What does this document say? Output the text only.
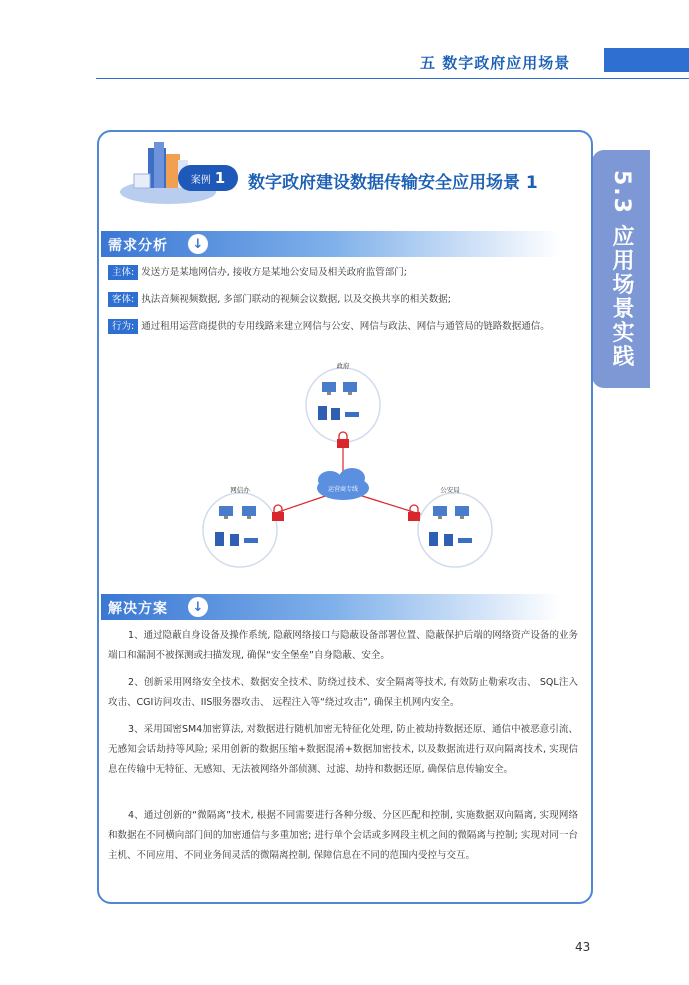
五 数字政府应用场景
5.3 应用场景实践
案例 1 数字政府建设数据传输安全应用场景 1
需求分析	↓
主体: 发送方是某地网信办, 接收方是某地公安局及相关政府监管部门;
客体: 执法音频视频数据, 多部门联动的视频会议数据, 以及交换共享的相关数据;
行为: 通过租用运营商提供的专用线路来建立网信与公安、网信与政法、网信与通管局的链路数据通信。
政府
网信办	公安局
运营商专线
解决方案	↓
1、通过隐蔽自身设备及操作系统, 隐蔽网络接口与隐蔽设备部署位置、隐蔽保护后端的网络资产设备的业务端口和漏洞不被探测或扫描发现, 确保“安全堡垒”自身隐蔽、安全。
2、创新采用网络安全技术、数据安全技术、防绕过技术、安全隔离等技术, 有效防止勒索攻击、 SQL注入攻击、CGI访问攻击、IIS服务器攻击、 远程注入等“绕过攻击”, 确保主机网内安全。
3、采用国密SM4加密算法, 对数据进行随机加密无特征化处理, 防止被劫持数据还原、通信中被恶意引流、无感知会话劫持等风险; 采用创新的数据压缩+数据混淆+数据加密技术, 以及数据流进行双向隔离技术, 实现信息在传输中无特征、无感知、无法被网络外部侦测、过滤、劫持和数据还原, 确保信息传输安全。
4、通过创新的“微隔离”技术, 根据不同需要进行各种分级、分区匹配和控制, 实施数据双向隔离, 实现网络和数据在不同横向部门间的加密通信与多重加密; 进行单个会话或多网段主机之间的微隔离与控制; 实现对同一台主机、不同应用、不同业务间灵活的微隔离控制, 保障信息在不同的范围内受控与交互。
43
